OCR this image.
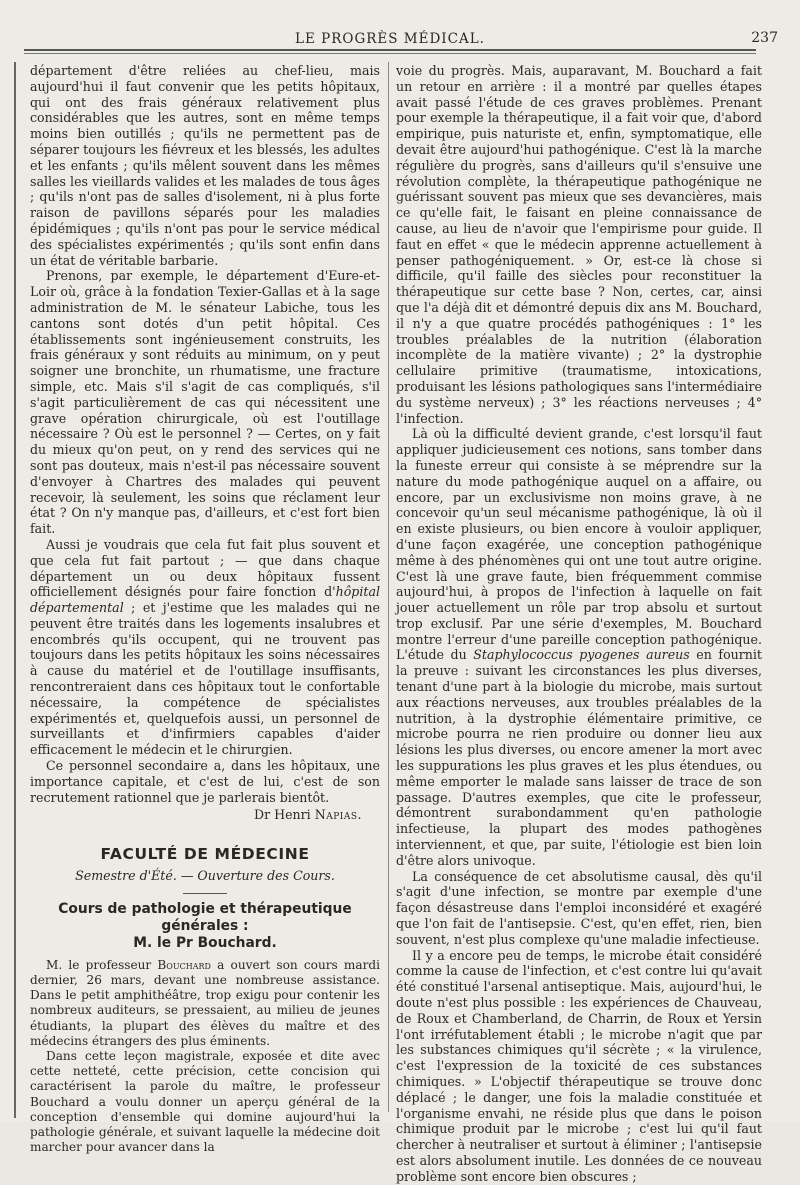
LE PROGRÈS MÉDICAL.	237

département d'être reliées au chef-lieu, mais aujourd'hui il faut convenir que les petits hôpitaux, qui ont des frais généraux relativement plus considérables que les autres, sont en même temps moins bien outillés ; qu'ils ne permettent pas de séparer toujours les fiévreux et les blessés, les adultes et les enfants ; qu'ils mêlent souvent dans les mêmes salles les vieillards valides et les malades de tous âges ; qu'ils n'ont pas de salles d'isolement, ni à plus forte raison de pavillons séparés pour les maladies épidémiques ; qu'ils n'ont pas pour le service médical des spécialistes expérimentés ; qu'ils sont enfin dans un état de véritable barbarie.

Prenons, par exemple, le département d'Eure-et-Loir où, grâce à la fondation Texier-Gallas et à la sage administration de M. le sénateur Labiche, tous les cantons sont dotés d'un petit hôpital. Ces établissements sont ingénieusement construits, les frais généraux y sont réduits au minimum, on y peut soigner une bronchite, un rhumatisme, une fracture simple, etc. Mais s'il s'agit de cas compliqués, s'il s'agit particulièrement de cas qui nécessitent une grave opération chirurgicale, où est l'outillage nécessaire ? Où est le personnel ? — Certes, on y fait du mieux qu'on peut, on y rend des services qui ne sont pas douteux, mais n'est-il pas nécessaire souvent d'envoyer à Chartres des malades qui peuvent recevoir, là seulement, les soins que réclament leur état ? On n'y manque pas, d'ailleurs, et c'est fort bien fait.

Aussi je voudrais que cela fut fait plus souvent et que cela fut fait partout ; — que dans chaque département un ou deux hôpitaux fussent officiellement désignés pour faire fonction d'hôpital départemental ; et j'estime que les malades qui ne peuvent être traités dans les logements insalubres et encombrés qu'ils occupent, qui ne trouvent pas toujours dans les petits hôpitaux les soins nécessaires à cause du matériel et de l'outillage insuffisants, rencontreraient dans ces hôpitaux tout le confortable nécessaire, la compétence de spécialistes expérimentés et, quelquefois aussi, un personnel de surveillants et d'infirmiers capables d'aider efficacement le médecin et le chirurgien.

Ce personnel secondaire a, dans les hôpitaux, une importance capitale, et c'est de lui, c'est de son recrutement rationnel que je parlerais bientôt.

Dr Henri Napias.

FACULTÉ DE MÉDECINE
Semestre d'Été. — Ouverture des Cours.
Cours de pathologie et thérapeutique générales :
M. le Pr Bouchard.

M. le professeur Bouchard a ouvert son cours mardi dernier, 26 mars, devant une nombreuse assistance. Dans le petit amphithéâtre, trop exigu pour contenir les nombreux auditeurs, se pressaient, au milieu de jeunes étudiants, la plupart des élèves du maître et des médecins étrangers des plus éminents.

Dans cette leçon magistrale, exposée et dite avec cette netteté, cette précision, cette concision qui caractérisent la parole du maître, le professeur Bouchard a voulu donner un aperçu général de la conception d'ensemble qui domine aujourd'hui la pathologie générale, et suivant laquelle la médecine doit marcher pour avancer dans la

voie du progrès. Mais, auparavant, M. Bouchard a fait un retour en arrière : il a montré par quelles étapes avait passé l'étude de ces graves problèmes. Prenant pour exemple la thérapeutique, il a fait voir que, d'abord empirique, puis naturiste et, enfin, symptomatique, elle devait être aujourd'hui pathogénique. C'est là la marche régulière du progrès, sans d'ailleurs qu'il s'ensuive une révolution complète, la thérapeutique pathogénique ne guérissant souvent pas mieux que ses devancières, mais ce qu'elle fait, le faisant en pleine connaissance de cause, au lieu de n'avoir que l'empirisme pour guide. Il faut en effet « que le médecin apprenne actuellement à penser pathogéniquement. » Or, est-ce là chose si difficile, qu'il faille des siècles pour reconstituer la thérapeutique sur cette base ? Non, certes, car, ainsi que l'a déjà dit et démontré depuis dix ans M. Bouchard, il n'y a que quatre procédés pathogéniques : 1° les troubles préalables de la nutrition (élaboration incomplète de la matière vivante) ; 2° la dystrophie cellulaire primitive (traumatisme, intoxications, produisant les lésions pathologiques sans l'intermédiaire du système nerveux) ; 3° les réactions nerveuses ; 4° l'infection.

Là où la difficulté devient grande, c'est lorsqu'il faut appliquer judicieusement ces notions, sans tomber dans la funeste erreur qui consiste à se méprendre sur la nature du mode pathogénique auquel on a affaire, ou encore, par un exclusivisme non moins grave, à ne concevoir qu'un seul mécanisme pathogénique, là où il en existe plusieurs, ou bien encore à vouloir appliquer, d'une façon exagérée, une conception pathogénique même à des phénomènes qui ont une tout autre origine. C'est là une grave faute, bien fréquemment commise aujourd'hui, à propos de l'infection à laquelle on fait jouer actuellement un rôle par trop absolu et surtout trop exclusif. Par une série d'exemples, M. Bouchard montre l'erreur d'une pareille conception pathogénique. L'étude du Staphylococcus pyogenes aureus en fournit la preuve : suivant les circonstances les plus diverses, tenant d'une part à la biologie du microbe, mais surtout aux réactions nerveuses, aux troubles préalables de la nutrition, à la dystrophie élémentaire primitive, ce microbe pourra ne rien produire ou donner lieu aux lésions les plus diverses, ou encore amener la mort avec les suppurations les plus graves et les plus étendues, ou même emporter le malade sans laisser de trace de son passage. D'autres exemples, que cite le professeur, démontrent surabondamment qu'en pathologie infectieuse, la plupart des modes pathogènes interviennent, et que, par suite, l'étiologie est bien loin d'être alors univoque.

La conséquence de cet absolutisme causal, dès qu'il s'agit d'une infection, se montre par exemple d'une façon désastreuse dans l'emploi inconsidéré et exagéré que l'on fait de l'antisepsie. C'est, qu'en effet, rien, bien souvent, n'est plus complexe qu'une maladie infectieuse.

Il y a encore peu de temps, le microbe était considéré comme la cause de l'infection, et c'est contre lui qu'avait été constitué l'arsenal antiseptique. Mais, aujourd'hui, le doute n'est plus possible : les expériences de Chauveau, de Roux et Chamberland, de Charrin, de Roux et Yersin l'ont irréfutablement établi ; le microbe n'agit que par les substances chimiques qu'il sécrète ; « la virulence, c'est l'expression de la toxicité de ces substances chimiques. » L'objectif thérapeutique se trouve donc déplacé ; le danger, une fois la maladie constituée et l'organisme envahi, ne réside plus que dans le poison chimique produit par le microbe ; c'est lui qu'il faut chercher à neutraliser et surtout à éliminer ; l'antisepsie est alors absolument inutile. Les données de ce nouveau problème sont encore bien obscures ;
